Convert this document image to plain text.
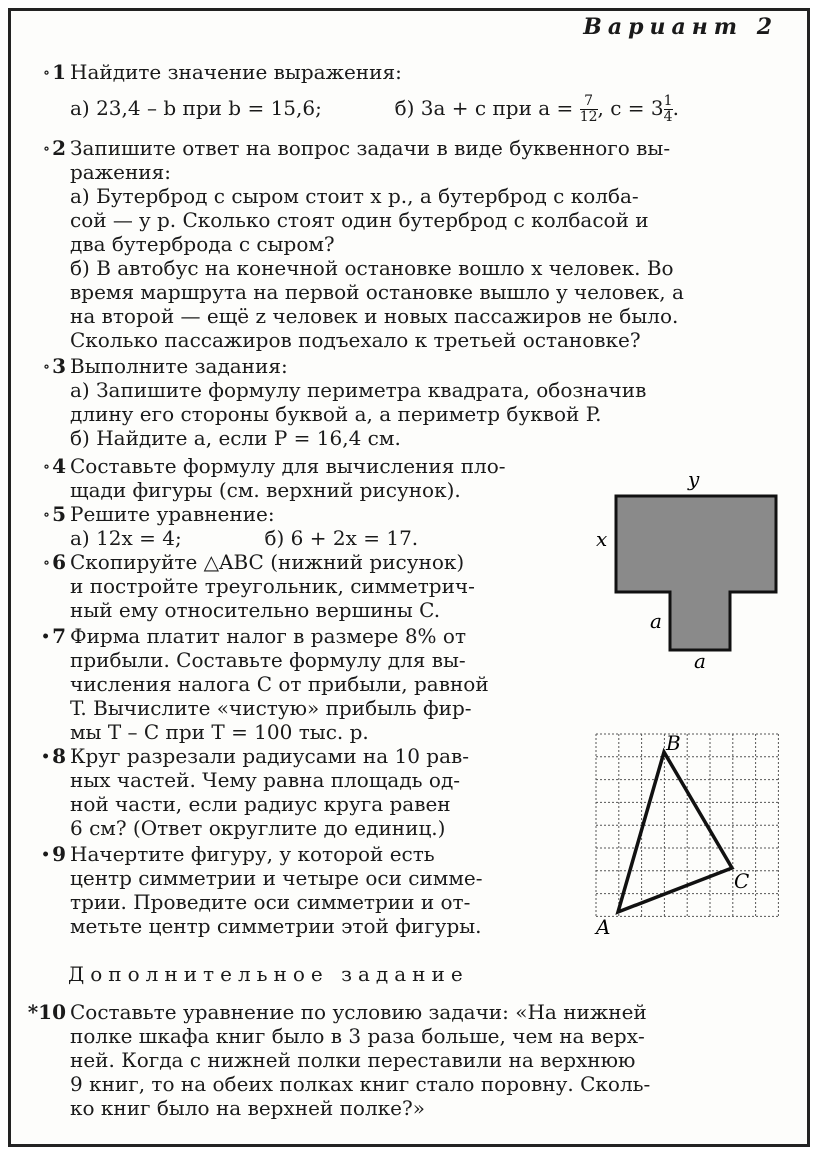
Вариант 2
∘ 1 Найдите значение выражения:
а) 23,4 – b при b = 15,6;	б) 3a + c при $a = \frac{7}{12}$ , $c = 3 \frac{1}{4}$ .
∘ 2 Запишите ответ на вопрос задачи в виде буквенного вы-
ражения:
а) Бутерброд с сыром стоит x р., а бутерброд с колба-
сой — y р. Сколько стоят один бутерброд с колбасой и
два бутерброда с сыром?
б) В автобус на конечной остановке вошло x человек. Во
время маршрута на первой остановке вышло y человек, а
на второй — ещё z человек и новых пассажиров не было.
Сколько пассажиров подъехало к третьей остановке?
∘ 3 Выполните задания:
а) Запишите формулу периметра квадрата, обозначив
длину его стороны буквой a, а периметр буквой P.
б) Найдите a, если P = 16,4 см.
∘ 4 Составьте формулу для вычисления пло-
щади фигуры (см. верхний рисунок).
∘ 5 Решите уравнение:
а) 12x = 4;	б) 6 + 2x = 17.
∘ 6 Скопируйте △ABC (нижний рисунок)
и постройте треугольник, симметрич-
ный ему относительно вершины C.
• 7 Фирма платит налог в размере 8% от
прибыли. Составьте формулу для вы-
числения налога C от прибыли, равной
T. Вычислите «чистую» прибыль фир-
мы T – C при T = 100 тыс. р.
• 8 Круг разрезали радиусами на 10 рав-
ных частей. Чему равна площадь од-
ной части, если радиус круга равен
6 см? (Ответ округлите до единиц.)
• 9 Начертите фигуру, у которой есть
центр симметрии и четыре оси симме-
трии. Проведите оси симметрии и от-
метьте центр симметрии этой фигуры.
Дополнительное задание
*10 Составьте уравнение по условию задачи: «На нижней
полке шкафа книг было в 3 раза больше, чем на верх-
ней. Когда с нижней полки переставили на верхнюю
9 книг, то на обеих полках книг стало поровну. Сколь-
ко книг было на верхней полке?»
y
x
a
a
A
B
C
